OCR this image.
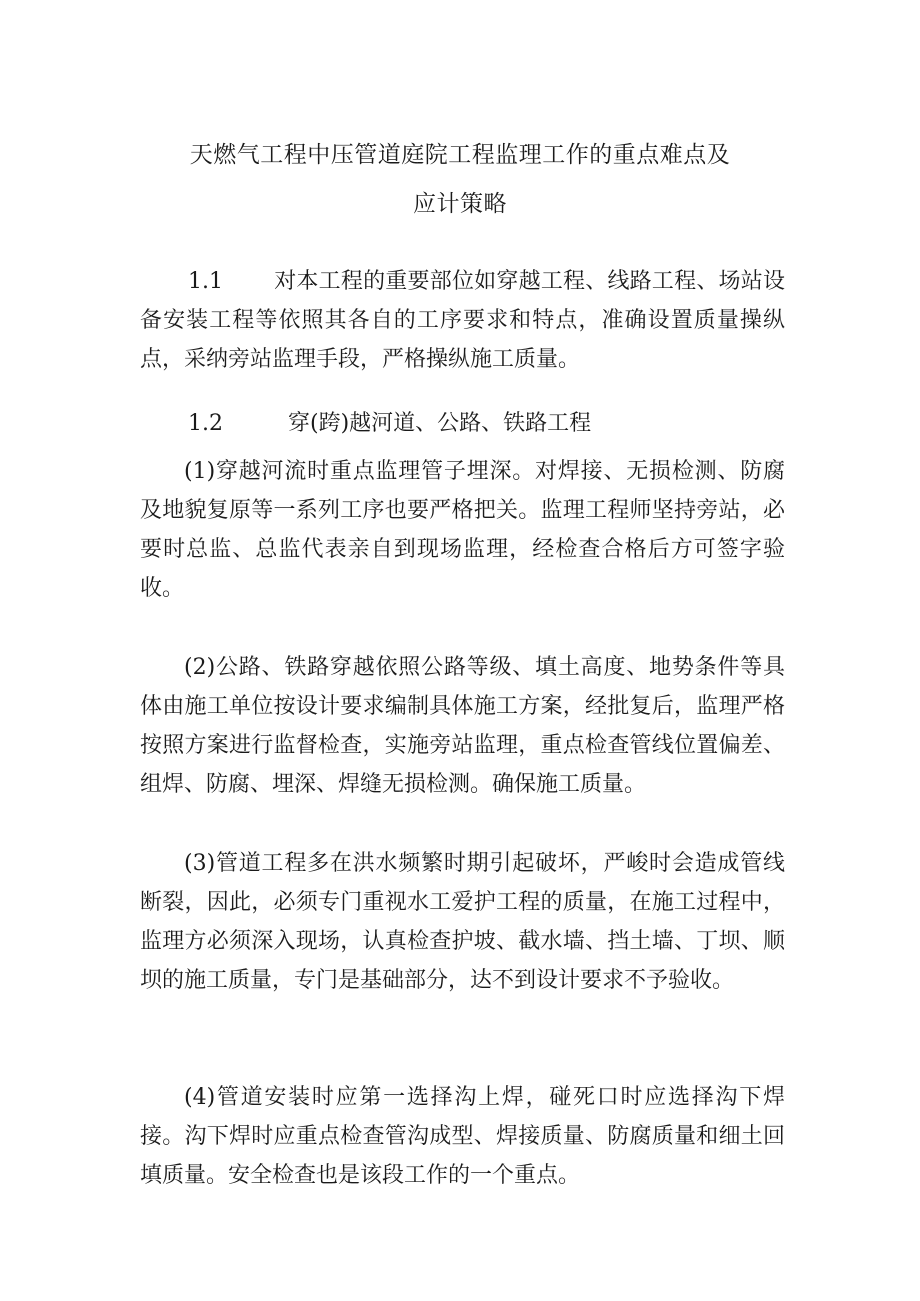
天燃气工程中压管道庭院工程监理工作的重点难点及
应计策略
1.1 对本工程的重要部位如穿越工程、线路工程、场站设备安装工程等依照其各自的工序要求和特点，准确设置质量操纵点，采纳旁站监理手段，严格操纵施工质量。
1.2	穿(跨)越河道、公路、铁路工程
(1)穿越河流时重点监理管子埋深。对焊接、无损检测、防腐及地貌复原等一系列工序也要严格把关。监理工程师坚持旁站，必要时总监、总监代表亲自到现场监理，经检查合格后方可签字验收。
(2)公路、铁路穿越依照公路等级、填土高度、地势条件等具体由施工单位按设计要求编制具体施工方案，经批复后，监理严格按照方案进行监督检查，实施旁站监理，重点检查管线位置偏差、组焊、防腐、埋深、焊缝无损检测。确保施工质量。
(3)管道工程多在洪水频繁时期引起破坏，严峻时会造成管线断裂，因此，必须专门重视水工爱护工程的质量，在施工过程中，监理方必须深入现场，认真检查护坡、截水墙、挡土墙、丁坝、顺坝的施工质量，专门是基础部分，达不到设计要求不予验收。
(4)管道安装时应第一选择沟上焊，碰死口时应选择沟下焊接。沟下焊时应重点检查管沟成型、焊接质量、防腐质量和细土回填质量。安全检查也是该段工作的一个重点。
